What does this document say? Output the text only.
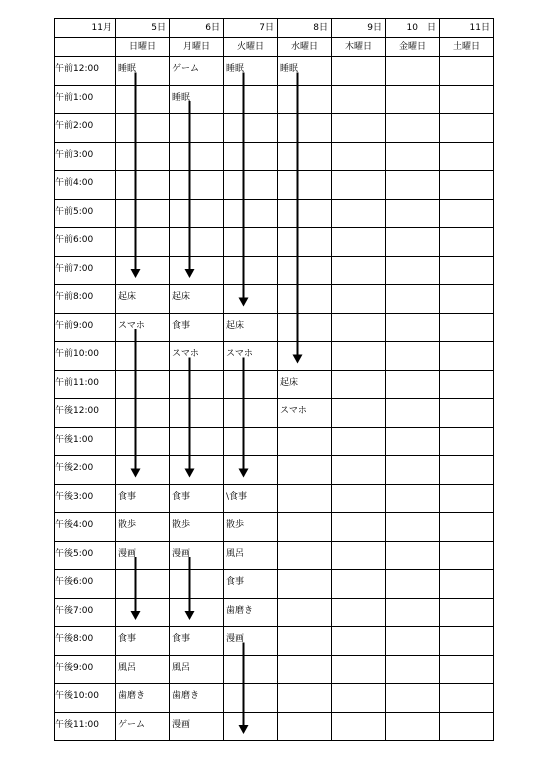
11月	5日	6日	7日	8日	9日	10　日	11日
	日曜日	月曜日	火曜日	水曜日	木曜日	金曜日	土曜日
午前12:00	睡眠	ゲーム	睡眠	睡眠			
午前1:00		睡眠					
午前2:00							
午前3:00							
午前4:00							
午前5:00							
午前6:00							
午前7:00							
午前8:00	起床	起床					
午前9:00	スマホ	食事	起床				
午前10:00		スマホ	スマホ				
午前11:00				起床			
午後12:00				スマホ			
午後1:00							
午後2:00							
午後3:00	食事	食事	\食事				
午後4:00	散歩	散歩	散歩				
午後5:00	漫画	漫画	風呂				
午後6:00			食事				
午後7:00			歯磨き				
午後8:00	食事	食事	漫画				
午後9:00	風呂	風呂					
午後10:00	歯磨き	歯磨き					
午後11:00	ゲーム	漫画					
